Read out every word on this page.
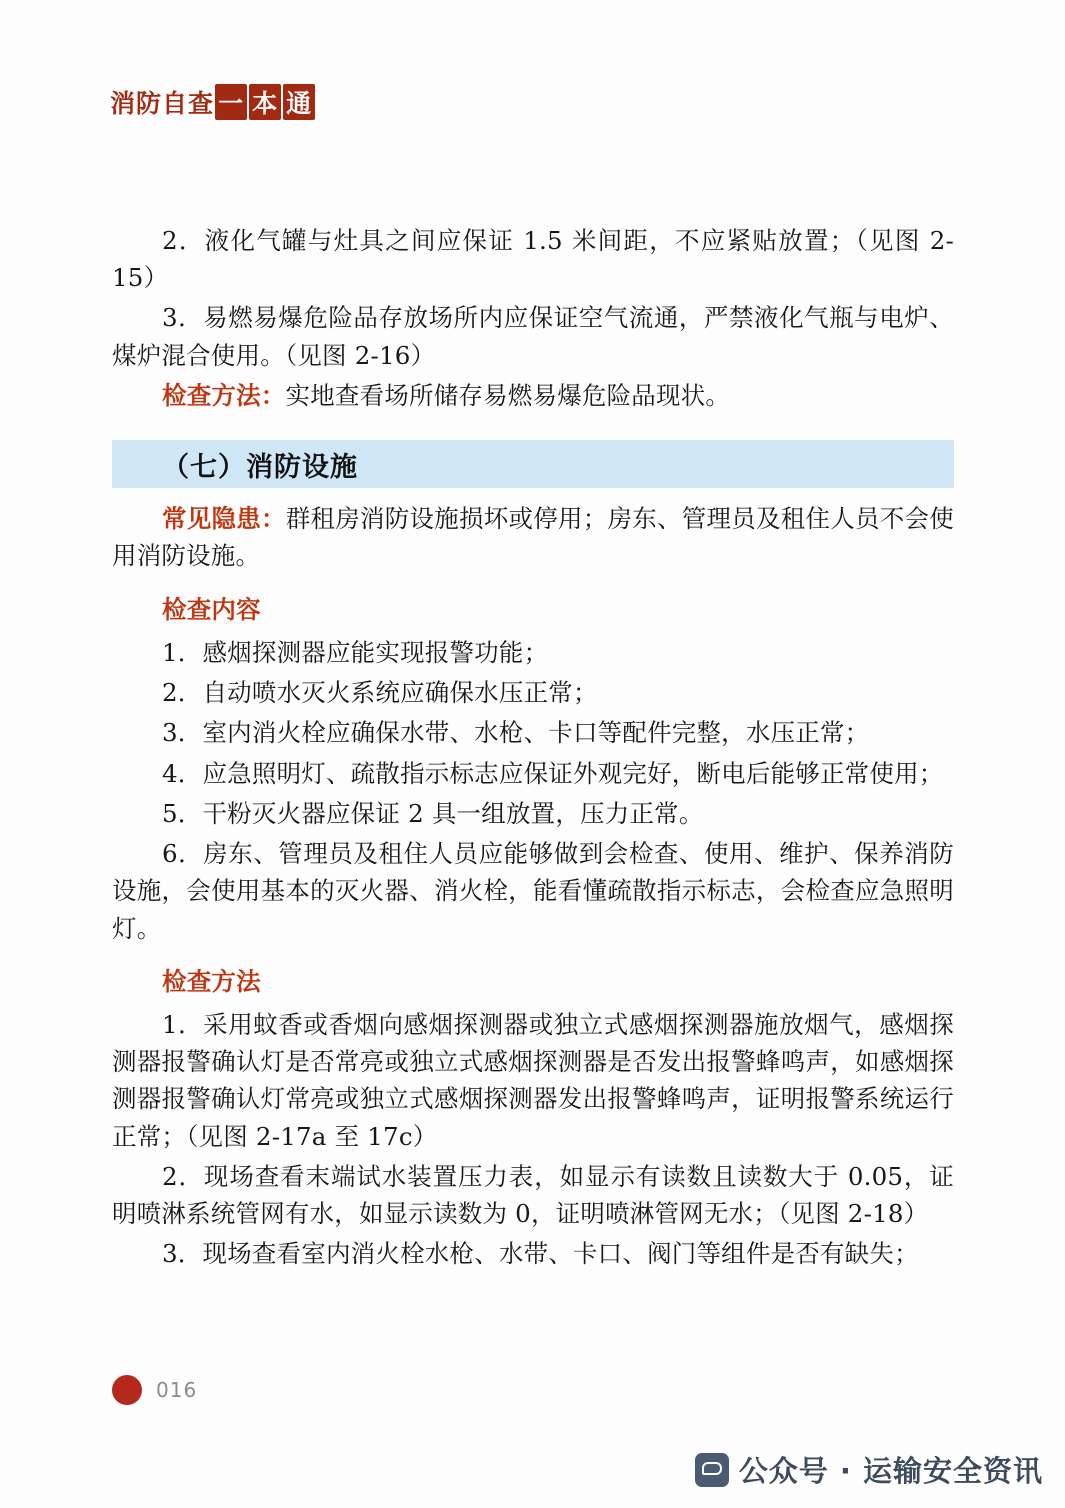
消防自查 一 本 通

2．液化气罐与灶具之间应保证 1.5 米间距，不应紧贴放置；（见图 2-15）

3．易燃易爆危险品存放场所内应保证空气流通，严禁液化气瓶与电炉、煤炉混合使用。（见图 2-16）

检查方法：实地查看场所储存易燃易爆危险品现状。

（七）消防设施

常见隐患：群租房消防设施损坏或停用；房东、管理员及租住人员不会使用消防设施。

检查内容

1．感烟探测器应能实现报警功能；

2．自动喷水灭火系统应确保水压正常；

3．室内消火栓应确保水带、水枪、卡口等配件完整，水压正常；

4．应急照明灯、疏散指示标志应保证外观完好，断电后能够正常使用；

5．干粉灭火器应保证 2 具一组放置，压力正常。

6．房东、管理员及租住人员应能够做到会检查、使用、维护、保养消防设施，会使用基本的灭火器、消火栓，能看懂疏散指示标志，会检查应急照明灯。

检查方法

1．采用蚊香或香烟向感烟探测器或独立式感烟探测器施放烟气，感烟探测器报警确认灯是否常亮或独立式感烟探测器是否发出报警蜂鸣声，如感烟探测器报警确认灯常亮或独立式感烟探测器发出报警蜂鸣声，证明报警系统运行正常；（见图 2-17a 至 17c）

2．现场查看末端试水装置压力表，如显示有读数且读数大于 0.05，证明喷淋系统管网有水，如显示读数为 0，证明喷淋管网无水；（见图 2-18）

3．现场查看室内消火栓水枪、水带、卡口、阀门等组件是否有缺失；

016
公众号 · 运输安全资讯
